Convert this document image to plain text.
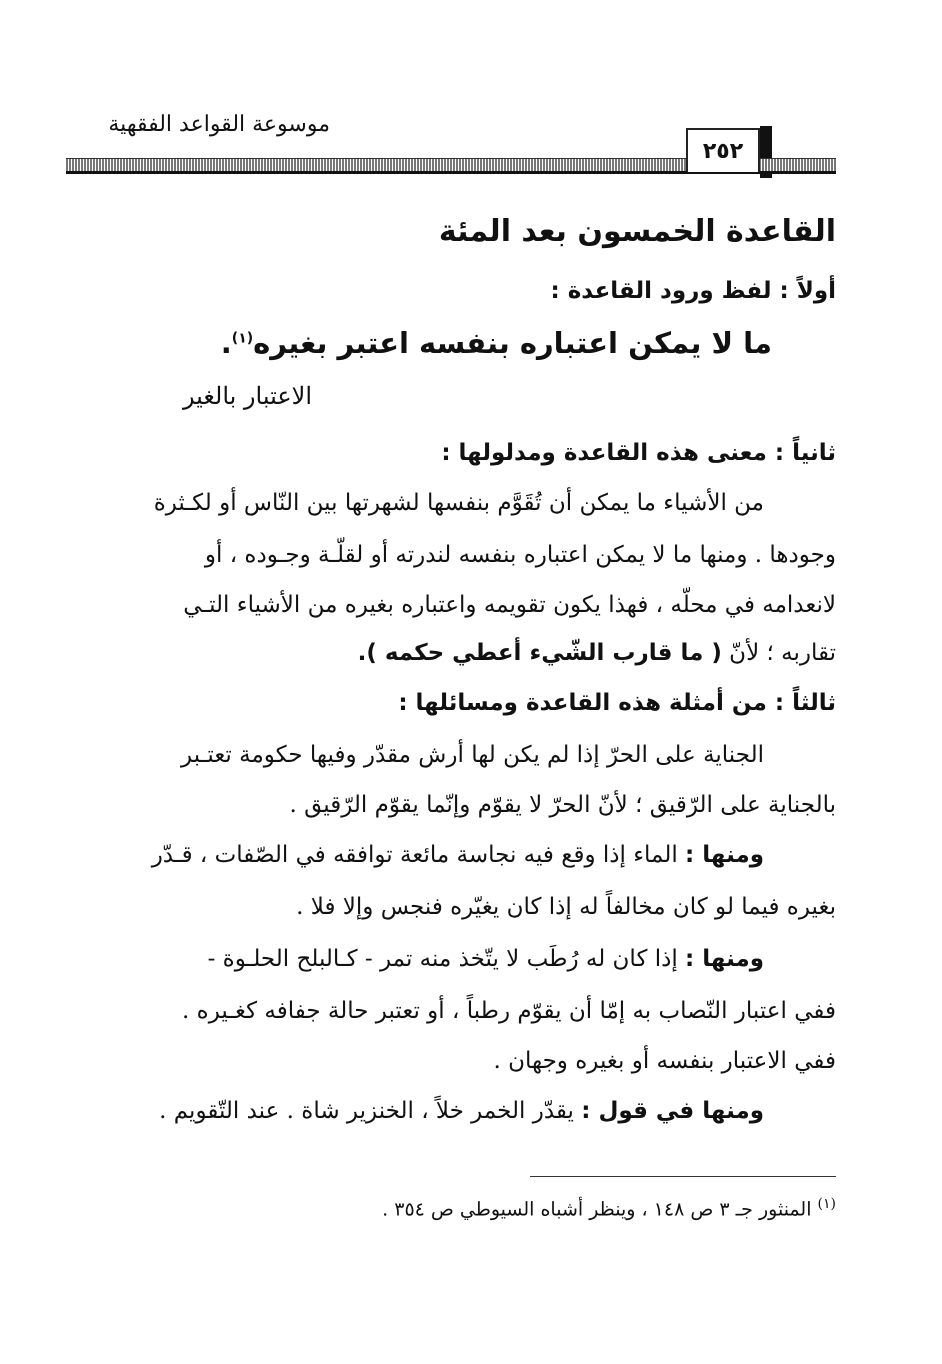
٢٥٢
موسوعة القواعد الفقهية
القاعدة الخمسون بعد المئة
أولاً : لفظ ورود القاعدة :
ما لا يمكن اعتباره بنفسه اعتبر بغيره$^{(١)}$.
الاعتبار بالغير
ثانياً : معنى هذه القاعدة ومدلولها :
من الأشياء ما يمكن أن تُقَوَّم بنفسها لشهرتها بين النّاس أو لكـثرة
وجودها . ومنها ما لا يمكن اعتباره بنفسه لندرته أو لقلّـة وجـوده ، أو
لانعدامه في محلّه ، فهذا يكون تقويمه واعتباره بغيره من الأشياء التـي
تقاربه ؛ لأنّ ( ما قارب الشّيء أعطي حكمه ).
ثالثاً : من أمثلة هذه القاعدة ومسائلها :
الجناية على الحرّ إذا لم يكن لها أرش مقدّر وفيها حكومة تعتـبر
بالجناية على الرّقيق ؛ لأنّ الحرّ لا يقوّم وإنّما يقوّم الرّقيق .
ومنها : الماء إذا وقع فيه نجاسة مائعة توافقه في الصّفات ، قـدّر
بغيره فيما لو كان مخالفاً له إذا كان يغيّره فنجس وإلا فلا .
ومنها : إذا كان له رُطَب لا يتّخذ منه تمر - كـالبلح الحلـوة -
ففي اعتبار النّصاب به إمّا أن يقوّم رطباً ، أو تعتبر حالة جفافه كغـيره .
ففي الاعتبار بنفسه أو بغيره وجهان .
ومنها في قول : يقدّر الخمر خلاً ، الخنزير شاة . عند التّقويم .
$^{(١)}$ المنثور جـ ٣ ص ١٤٨ ، وينظر أشباه السيوطي ص ٣٥٤ .
